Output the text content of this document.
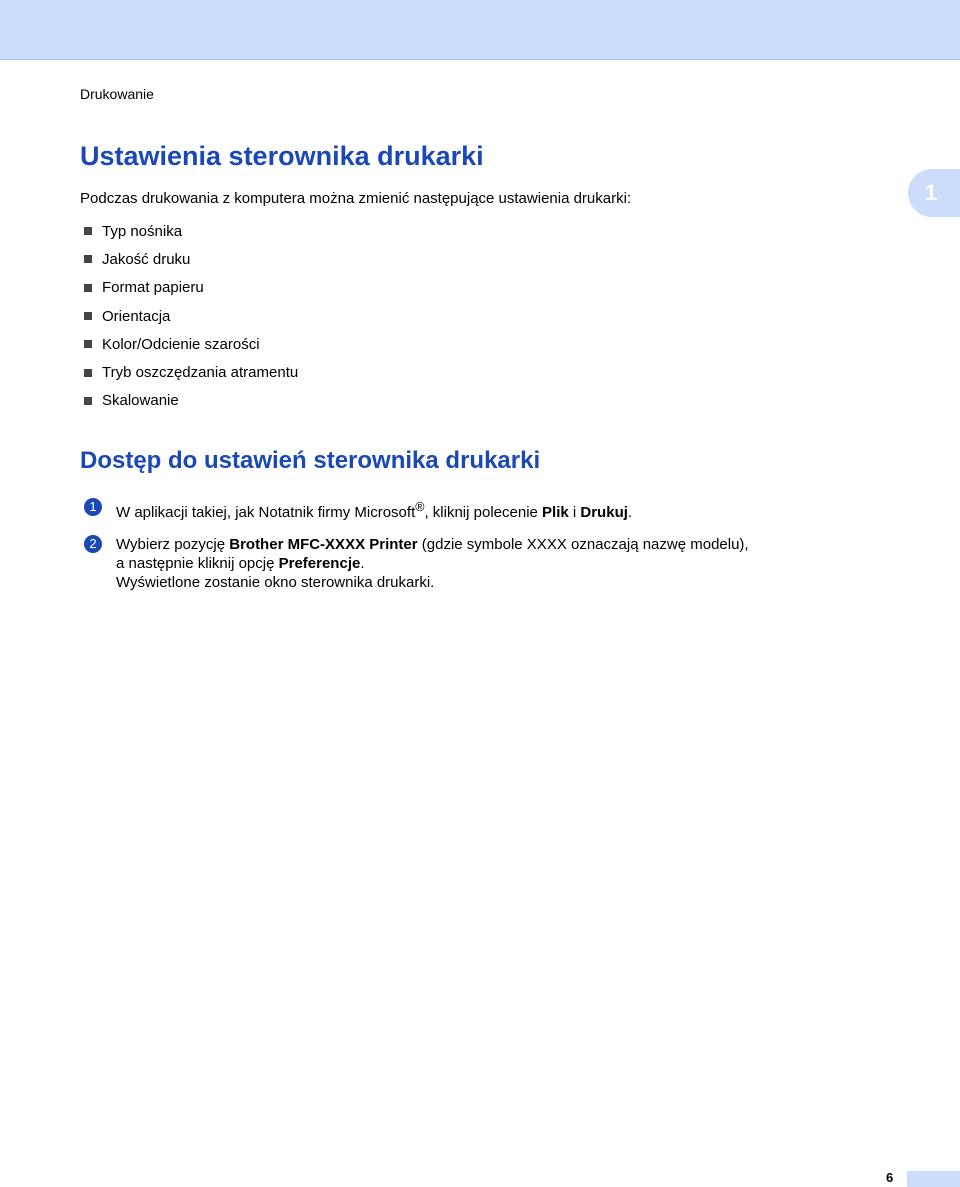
Drukowanie
1
Ustawienia sterownika drukarki
Podczas drukowania z komputera można zmienić następujące ustawienia drukarki:
Typ nośnika
Jakość druku
Format papieru
Orientacja
Kolor/Odcienie szarości
Tryb oszczędzania atramentu
Skalowanie
Dostęp do ustawień sterownika drukarki
1	W aplikacji takiej, jak Notatnik firmy Microsoft®, kliknij polecenie Plik i Drukuj.
2	Wybierz pozycję Brother MFC-XXXX Printer (gdzie symbole XXXX oznaczają nazwę modelu),
a następnie kliknij opcję Preferencje.
Wyświetlone zostanie okno sterownika drukarki.
6
